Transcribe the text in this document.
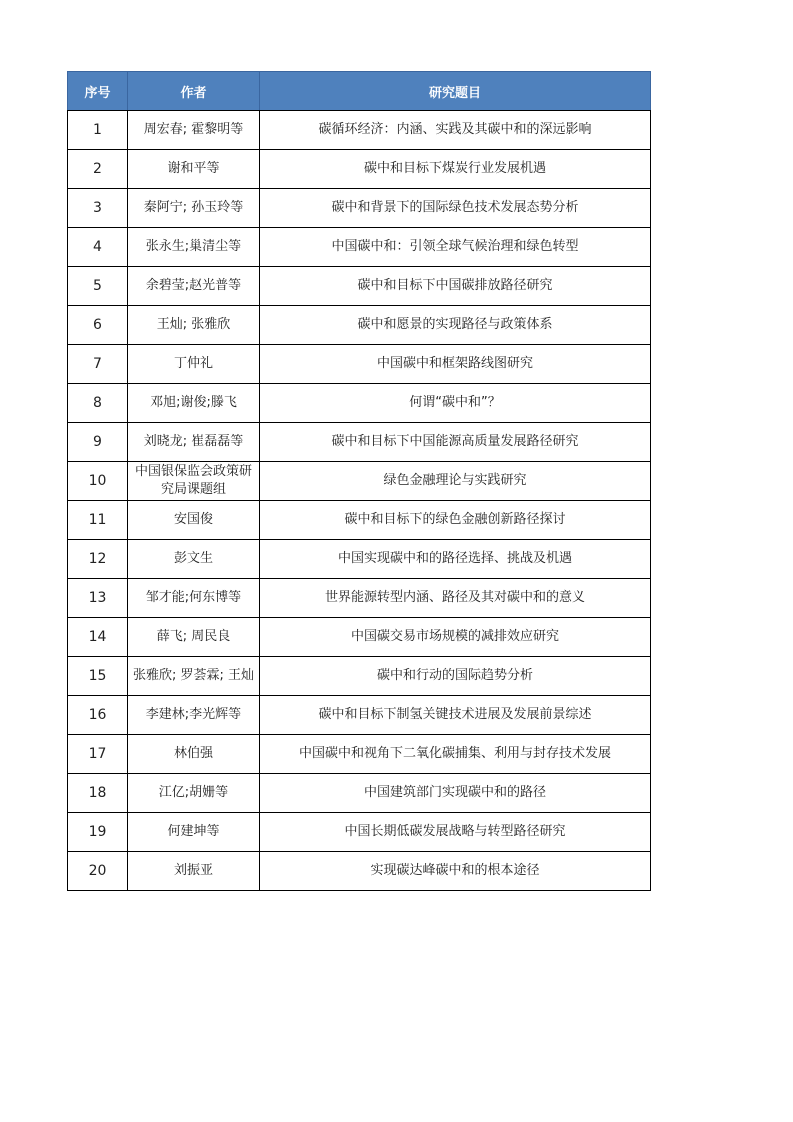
序号	作者	研究题目
1	周宏春; 霍黎明等	碳循环经济：内涵、实践及其碳中和的深远影响
2	谢和平等	碳中和目标下煤炭行业发展机遇
3	秦阿宁; 孙玉玲等	碳中和背景下的国际绿色技术发展态势分析
4	张永生;巢清尘等	中国碳中和：引领全球气候治理和绿色转型
5	余碧莹;赵光普等	碳中和目标下中国碳排放路径研究
6	王灿; 张雅欣	碳中和愿景的实现路径与政策体系
7	丁仲礼	中国碳中和框架路线图研究
8	邓旭;谢俊;滕飞	何谓“碳中和”？
9	刘晓龙; 崔磊磊等	碳中和目标下中国能源高质量发展路径研究
10	中国银保监会政策研究局课题组	绿色金融理论与实践研究
11	安国俊	碳中和目标下的绿色金融创新路径探讨
12	彭文生	中国实现碳中和的路径选择、挑战及机遇
13	邹才能;何东博等	世界能源转型内涵、路径及其对碳中和的意义
14	薛飞; 周民良	中国碳交易市场规模的减排效应研究
15	张雅欣; 罗荟霖; 王灿	碳中和行动的国际趋势分析
16	李建林;李光辉等	碳中和目标下制氢关键技术进展及发展前景综述
17	林伯强	中国碳中和视角下二氧化碳捕集、利用与封存技术发展
18	江亿;胡姗等	中国建筑部门实现碳中和的路径
19	何建坤等	中国长期低碳发展战略与转型路径研究
20	刘振亚	实现碳达峰碳中和的根本途径
